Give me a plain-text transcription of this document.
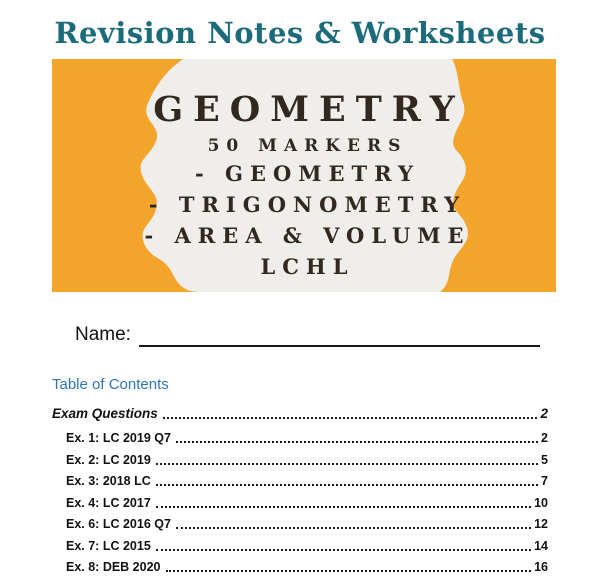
Revision Notes & Worksheets
GEOMETRY
50 MARKERS
- GEOMETRY
- TRIGONOMETRY
- AREA & VOLUME
LCHL
Name:
Table of Contents
Exam Questions	2
Ex. 1: LC 2019 Q7	2
Ex. 2: LC 2019	5
Ex. 3: 2018 LC	7
Ex. 4: LC 2017	10
Ex. 6: LC 2016 Q7	12
Ex. 7: LC 2015	14
Ex. 8: DEB 2020	16
